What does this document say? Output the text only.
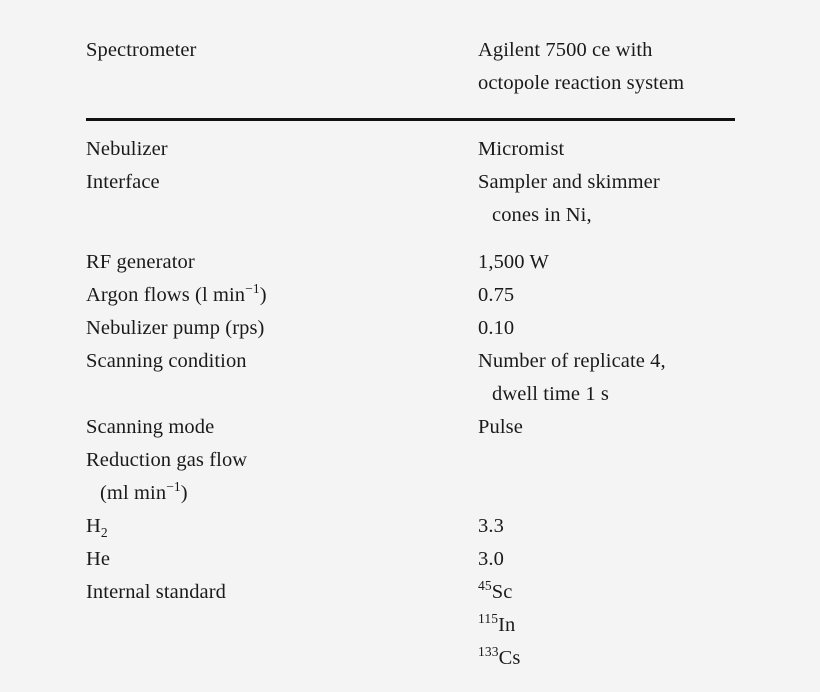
Spectrometer	Agilent 7500 ce with
octopole reaction system

Nebulizer	Micromist
Interface	Sampler and skimmer
cones in Ni,

RF generator	1,500 W
Argon flows (l $\min^{-1}$)	0.75
Nebulizer pump (rps)	0.10
Scanning condition	Number of replicate 4,
dwell time 1 s

Scanning mode	Pulse
Reduction gas flow
(ml $\min^{-1}$)	

$H_2$	3.3
He	3.0
Internal standard	$^{45}$Sc
	$^{115}$In
	$^{133}$Cs
